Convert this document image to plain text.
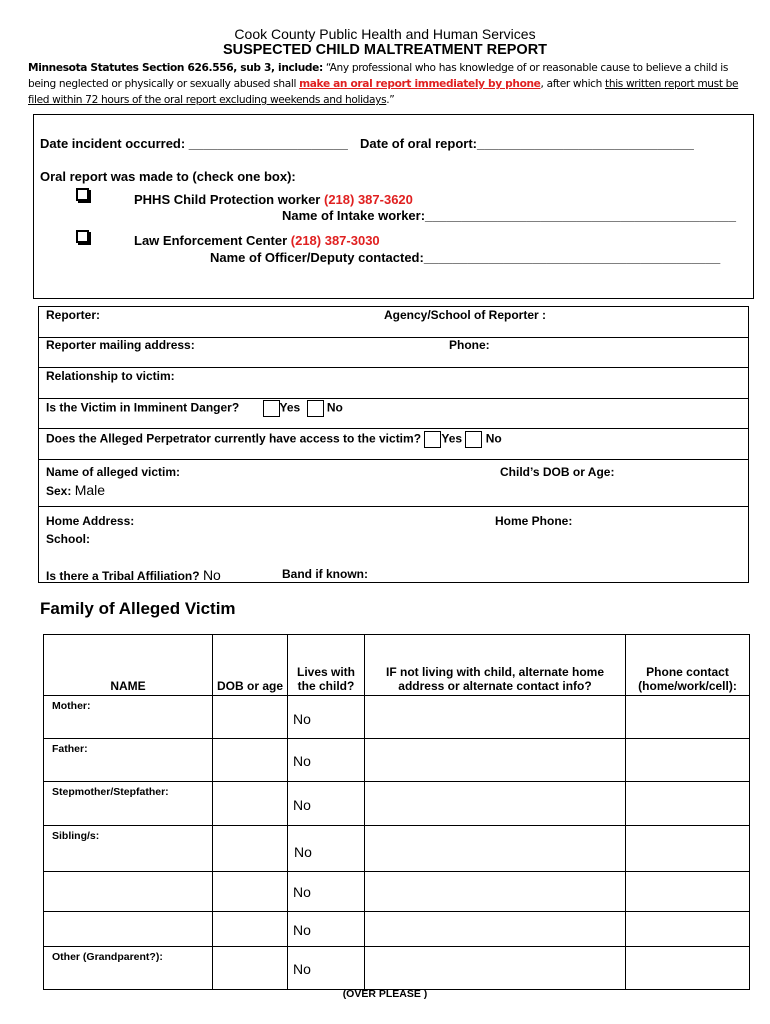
Cook County Public Health and Human Services
SUSPECTED CHILD MALTREATMENT REPORT
Minnesota Statutes Section 626.556, sub 3, include: “Any professional who has knowledge of or reasonable cause to believe a child is being neglected or physically or sexually abused shall make an oral report immediately by phone, after which this written report must be filed within 72 hours of the oral report excluding weekends and holidays.”
Date incident occurred: ______________________ Date of oral report:______________________________
Oral report was made to (check one box):
PHHS Child Protection worker (218) 387-3620
Name of Intake worker:___________________________________________
Law Enforcement Center (218) 387-3030
Name of Officer/Deputy contacted:_________________________________________
Reporter:	Agency/School of Reporter :
Reporter mailing address:	Phone:
Relationship to victim:
Is the Victim in Imminent Danger?	Yes No
Does the Alleged Perpetrator currently have access to the victim? Yes No
Name of alleged victim:	Child’s DOB or Age:
Sex: Male
Home Address:	Home Phone:
School:
Is there a Tribal Affiliation? No	Band if known:
Family of Alleged Victim
NAME	DOB or age	Lives with the child?	IF not living with child, alternate home address or alternate contact info?	Phone contact (home/work/cell):

Mother:		No		

Father:		No		

Stepmother/Stepfather:		No		

Sibling/s:		No		

		No		

		No		

Other (Grandparent?):		No		

(OVER PLEASE )
